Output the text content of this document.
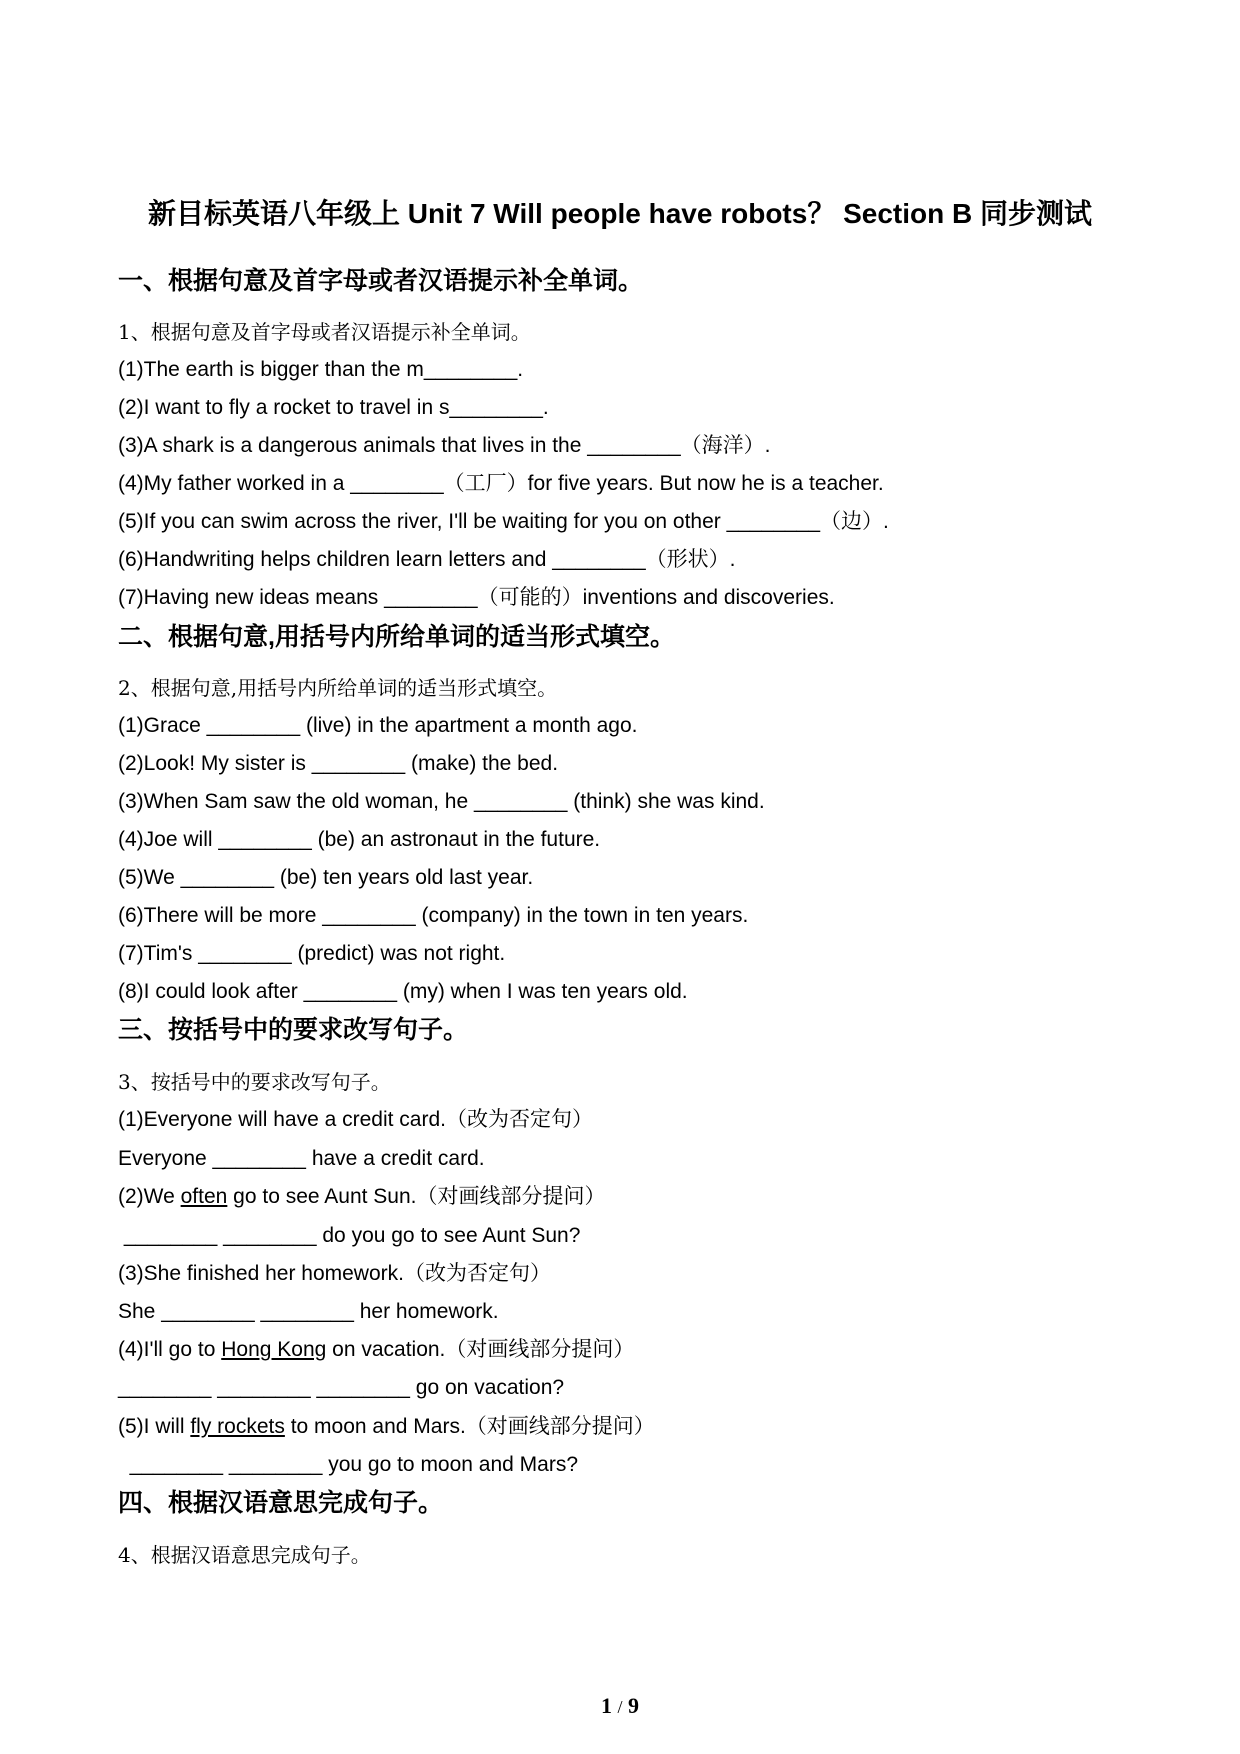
新目标英语八年级上 Unit 7 Will people have robots？ Section B 同步测试
一、根据句意及首字母或者汉语提示补全单词。
1、根据句意及首字母或者汉语提示补全单词。
(1)The earth is bigger than the m________.
(2)I want to fly a rocket to travel in s________.
(3)A shark is a dangerous animals that lives in the ________（海洋）.
(4)My father worked in a ________（工厂）for five years. But now he is a teacher.
(5)If you can swim across the river, I'll be waiting for you on other ________（边）.
(6)Handwriting helps children learn letters and ________（形状）.
(7)Having new ideas means ________（可能的）inventions and discoveries.
二、根据句意,用括号内所给单词的适当形式填空。
2、根据句意,用括号内所给单词的适当形式填空。
(1)Grace ________ (live) in the apartment a month ago.
(2)Look! My sister is ________ (make) the bed.
(3)When Sam saw the old woman, he ________ (think) she was kind.
(4)Joe will ________ (be) an astronaut in the future.
(5)We ________ (be) ten years old last year.
(6)There will be more ________ (company) in the town in ten years.
(7)Tim's ________ (predict) was not right.
(8)I could look after ________ (my) when I was ten years old.
三、按括号中的要求改写句子。
3、按括号中的要求改写句子。
(1)Everyone will have a credit card.（改为否定句）
Everyone ________ have a credit card.
(2)We often go to see Aunt Sun.（对画线部分提问）
________ ________ do you go to see Aunt Sun?
(3)She finished her homework.（改为否定句）
She ________ ________ her homework.
(4)I'll go to Hong Kong on vacation.（对画线部分提问）
________ ________ ________ go on vacation?
(5)I will fly rockets to moon and Mars.（对画线部分提问）
________ ________ you go to moon and Mars?
四、根据汉语意思完成句子。
4、根据汉语意思完成句子。
1 / 9
